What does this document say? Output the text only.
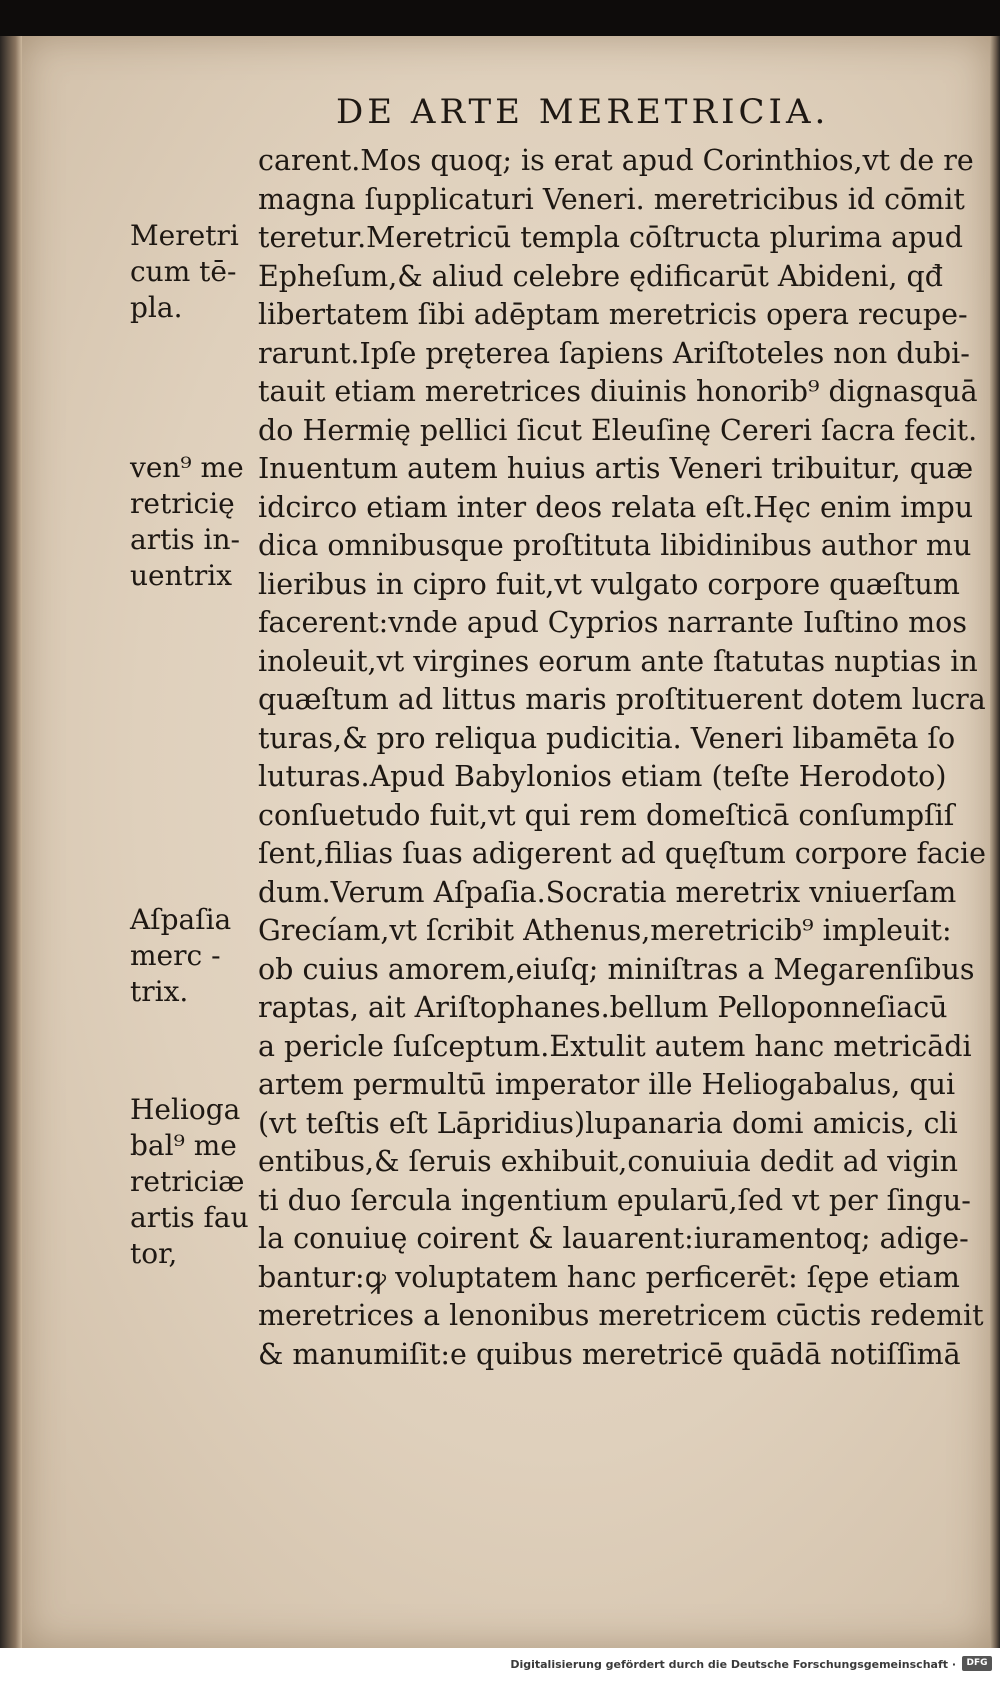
DE ARTE MERETRICIA.
carent.Mos quoq; is erat apud Corinthios,vt de re
magna ſupplicaturi Veneri. meretricibus id cōmit
teretur.Meretricū templa cōſtructa plurima apud
Epheſum,& aliud celebre ędificarūt Abideni, qđ
libertatem ſibi adēptam meretricis opera recupe-
rarunt.Ipſe pręterea ſapiens Ariſtoteles non dubi-
tauit etiam meretrices diuinis honorib⁹ dignasquā
do Hermię pellici ſicut Eleuſinę Cereri ſacra fecit.
Inuentum autem huius artis Veneri tribuitur, quæ
idcirco etiam inter deos relata eſt.Hęc enim impu
dica omnibusque proſtituta libidinibus author mu
lieribus in cipro fuit,vt vulgato corpore quæſtum
facerent:vnde apud Cyprios narrante Iuſtino mos
inoleuit,vt virgines eorum ante ſtatutas nuptias in
quæſtum ad littus maris proſtituerent dotem lucra
turas,& pro reliqua pudicitia. Veneri libamēta ſo
luturas.Apud Babylonios etiam (teſte Herodoto)
conſuetudo fuit,vt qui rem domeſticā conſumpſiſ
ſent,filias ſuas adigerent ad quęſtum corpore facie
dum.Verum Aſpaſia.Socratia meretrix vniuerſam
Grecíam,vt ſcribit Athenus,meretricib⁹ impleuit:
ob cuius amorem,eiuſq; miniſtras a Megarenſibus
raptas, ait Ariſtophanes.bellum Pelloponneſiacū
a pericle ſuſceptum.Extulit autem hanc metricādi
artem permultū imperator ille Heliogabalus, qui
(vt teſtis eſt Lāpridius)lupanaria domi amicis, cli
entibus,& ſeruis exhibuit,conuiuia dedit ad vigin
ti duo ſercula ingentium epularū,ſed vt per ſingu-
la conuiuę coirent & lauarent:iuramentoq; adige-
bantur:ꝙ voluptatem hanc perficerēt: ſępe etiam
meretrices a lenonibus meretricem cūctis redemit
& manumiſit:e quibus meretricē quādā notiſſimā
Meretri
cum tē-
pla.
ven⁹ me
retricię
artis in-
uentrix
Aſpaſia
merc -
trix.
Helioga
bal⁹ me
retriciæ
artis fau
tor,
Digitalisierung gefördert durch die Deutsche Forschungsgemeinschaft ·	DFG
